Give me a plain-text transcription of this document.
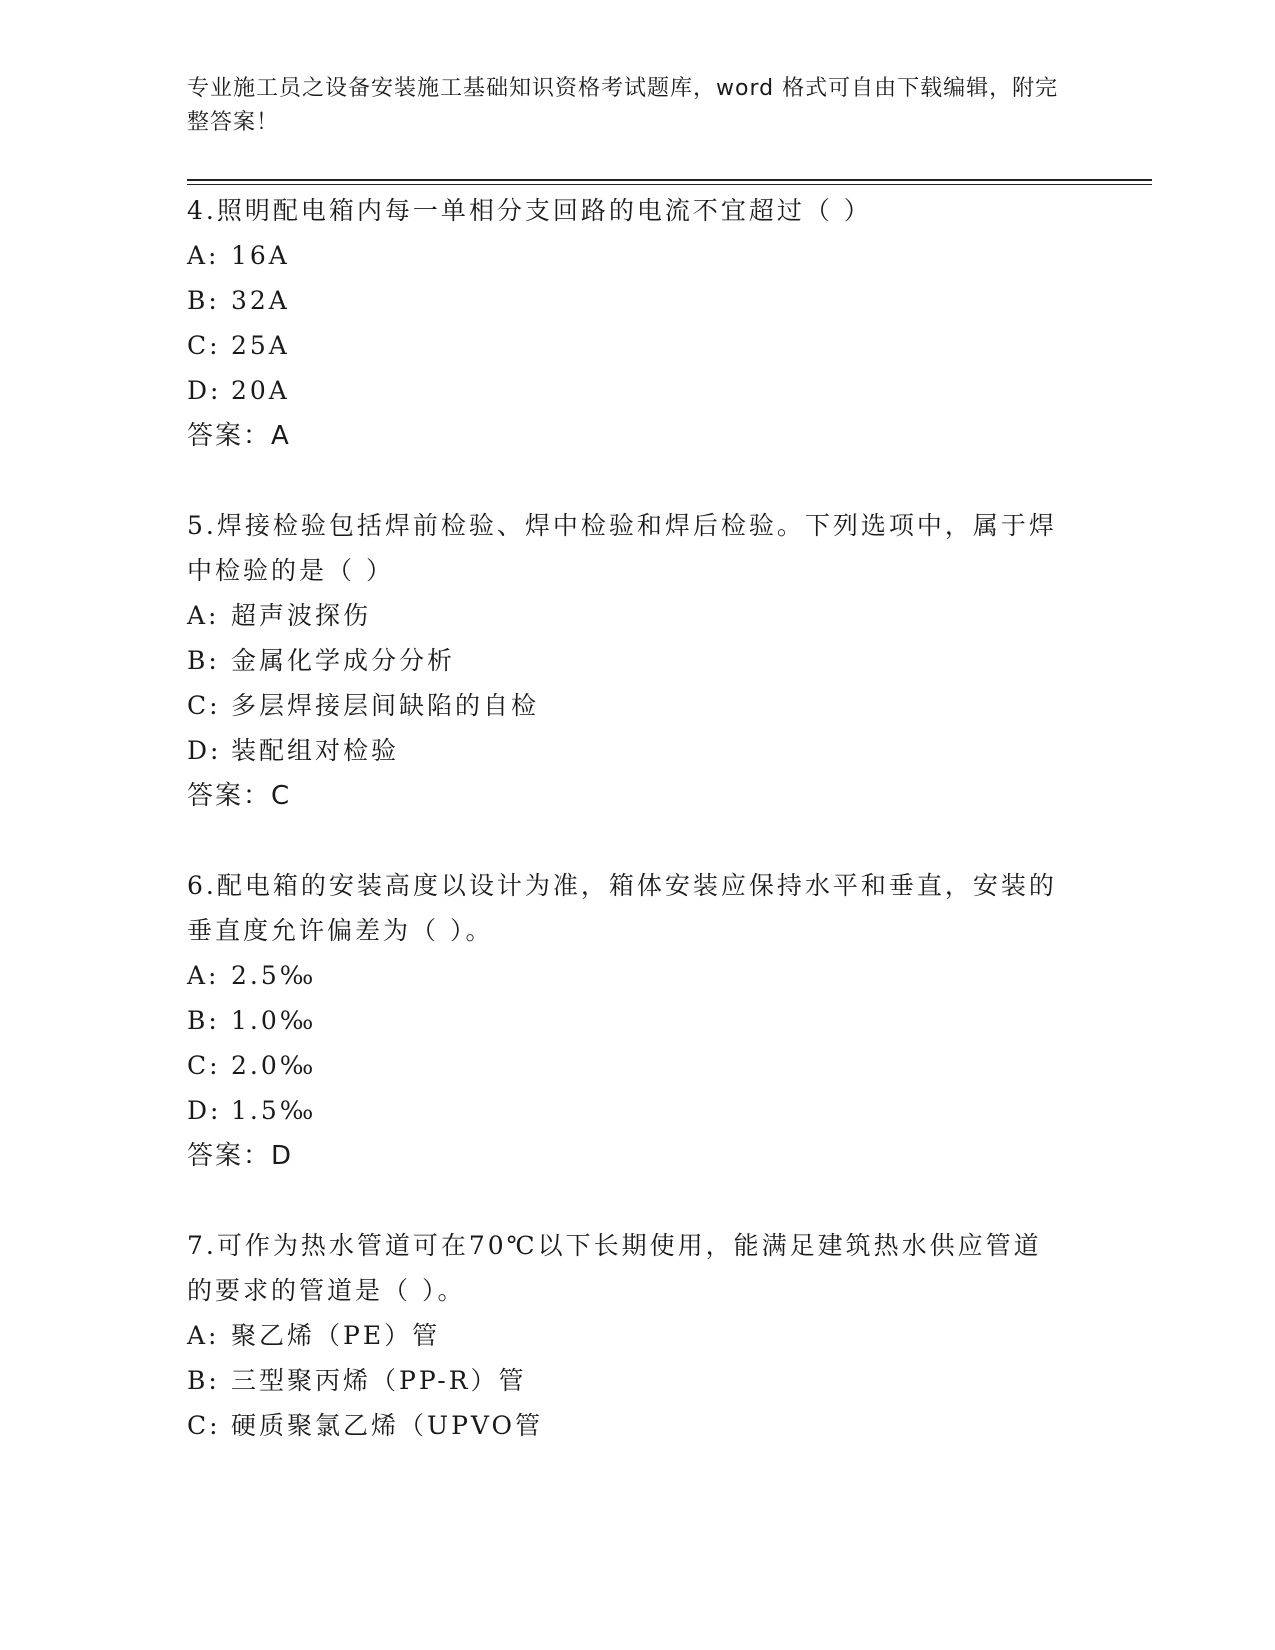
专业施工员之设备安装施工基础知识资格考试题库，word 格式可自由下载编辑，附完整答案！

4.照明配电箱内每一单相分支回路的电流不宜超过（ ）

A: 16A
B: 32A
C: 25A
D: 20A
答案：A

5.焊接检验包括焊前检验、焊中检验和焊后检验。下列选项中，属于焊中检验的是（ ）

A: 超声波探伤
B: 金属化学成分分析
C: 多层焊接层间缺陷的自检
D: 装配组对检验
答案：C

6.配电箱的安装高度以设计为准，箱体安装应保持水平和垂直，安装的垂直度允许偏差为（ ）。

A: 2.5‰
B: 1.0‰
C: 2.0‰
D: 1.5‰
答案：D

7.可作为热水管道可在70℃以下长期使用，能满足建筑热水供应管道的要求的管道是（ ）。

A: 聚乙烯（PE）管
B: 三型聚丙烯（PP-R）管
C: 硬质聚氯乙烯（UPVO管
